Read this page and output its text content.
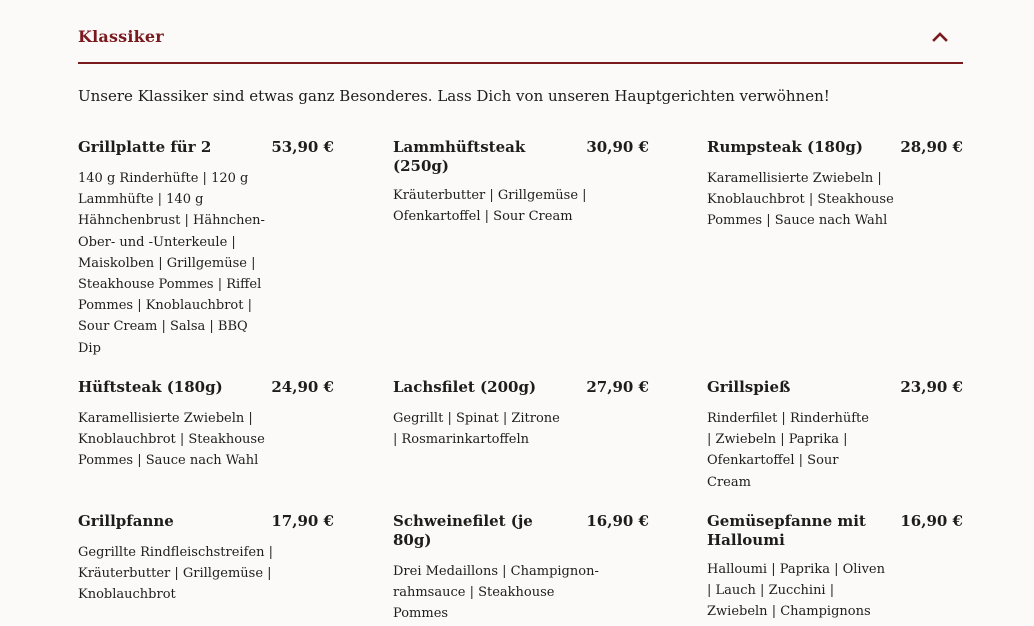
Klassiker
Unsere Klassiker sind etwas ganz Besonderes. Lass Dich von unseren Hauptgerichten verwöhnen!
Grillplatte für 2	53,90 €
140 g Rinderhüfte | 120 g Lammhüfte | 140 g Hähnchenbrust | Hähnchen-Ober- und -Unterkeule | Maiskolben | Grillgemüse | Steakhouse Pommes | Riffel Pommes | Knoblauchbrot | Sour Cream | Salsa | BBQ Dip
Lammhüftsteak (250g)
30,90 €
Kräuterbutter | Grillgemüse | Ofenkartoffel | Sour Cream
Rumpsteak (180g)	28,90 €
Karamellisierte Zwiebeln | Knoblauchbrot | Steakhouse Pommes | Sauce nach Wahl
Hüftsteak (180g)	24,90 €
Karamellisierte Zwiebeln | Knoblauchbrot | Steakhouse Pommes | Sauce nach Wahl
Lachsfilet (200g)	27,90 €
Gegrillt | Spinat | Zitrone | Rosmarinkartoffeln
Grillspieß	23,90 €
Rinderfilet | Rinderhüfte | Zwiebeln | Paprika | Ofenkartoffel | Sour Cream
Grillpfanne	17,90 €
Gegrillte Rindfleischstreifen | Kräuterbutter | Grillgemüse | Knoblauchbrot
Schweinefilet (je 80g)
16,90 €
Drei Medaillons | Champignon-rahmsauce | Steakhouse Pommes
Gemüsepfanne mit Halloumi
16,90 €
Halloumi | Paprika | Oliven | Lauch | Zucchini | Zwiebeln | Champignons
